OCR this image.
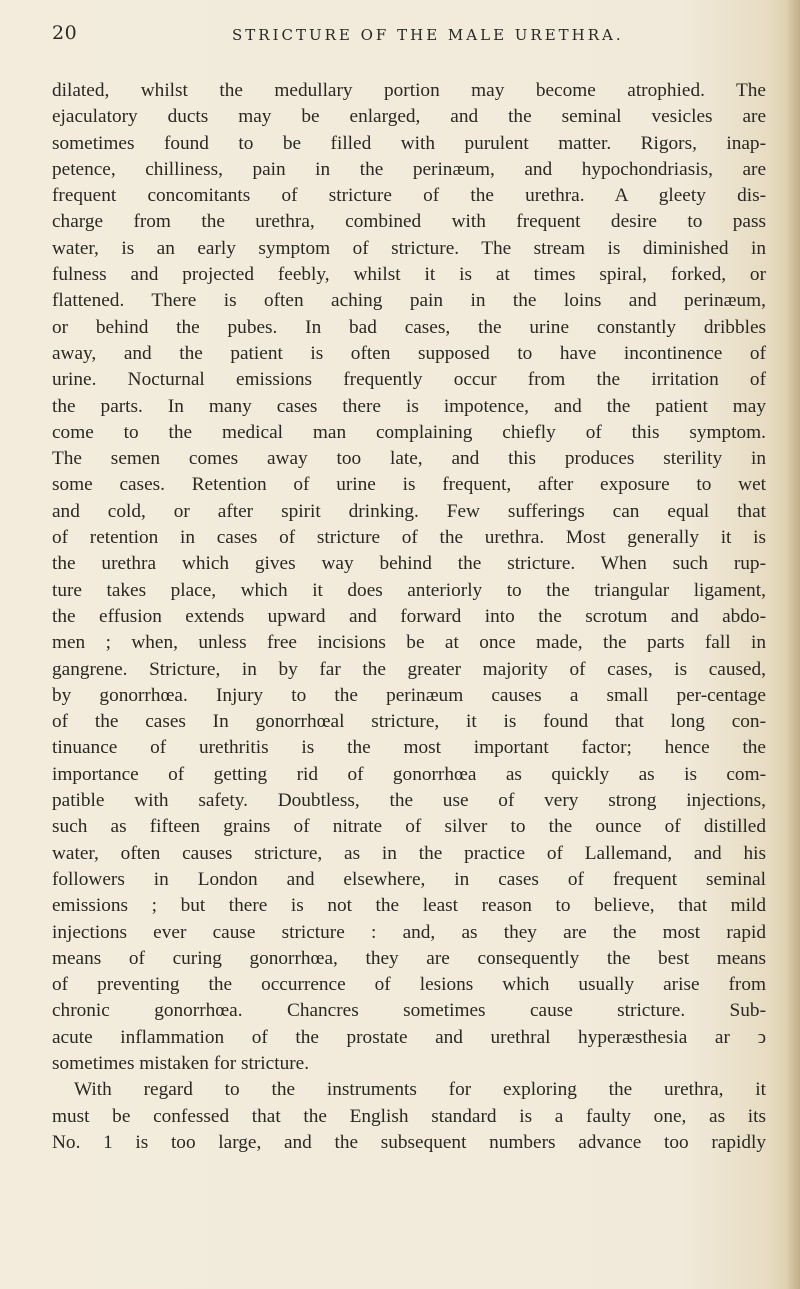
20	STRICTURE OF THE MALE URETHRA.
dilated, whilst the medullary portion may become atrophied. The
ejaculatory ducts may be enlarged, and the seminal vesicles are
sometimes found to be filled with purulent matter. Rigors, inap-
petence, chilliness, pain in the perinæum, and hypochondriasis, are
frequent concomitants of stricture of the urethra. A gleety dis-
charge from the urethra, combined with frequent desire to pass
water, is an early symptom of stricture. The stream is diminished in
fulness and projected feebly, whilst it is at times spiral, forked, or
flattened. There is often aching pain in the loins and perinæum,
or behind the pubes. In bad cases, the urine constantly dribbles
away, and the patient is often supposed to have incontinence of
urine. Nocturnal emissions frequently occur from the irritation of
the parts. In many cases there is impotence, and the patient may
come to the medical man complaining chiefly of this symptom.
The semen comes away too late, and this produces sterility in
some cases. Retention of urine is frequent, after exposure to wet
and cold, or after spirit drinking. Few sufferings can equal that
of retention in cases of stricture of the urethra. Most generally it is
the urethra which gives way behind the stricture. When such rup-
ture takes place, which it does anteriorly to the triangular ligament,
the effusion extends upward and forward into the scrotum and abdo-
men ; when, unless free incisions be at once made, the parts fall in
gangrene. Stricture, in by far the greater majority of cases, is caused,
by gonorrhœa. Injury to the perinæum causes a small per-centage
of the cases In gonorrhœal stricture, it is found that long con-
tinuance of urethritis is the most important factor; hence the
importance of getting rid of gonorrhœa as quickly as is com-
patible with safety. Doubtless, the use of very strong injections,
such as fifteen grains of nitrate of silver to the ounce of distilled
water, often causes stricture, as in the practice of Lallemand, and his
followers in London and elsewhere, in cases of frequent seminal
emissions ; but there is not the least reason to believe, that mild
injections ever cause stricture : and, as they are the most rapid
means of curing gonorrhœa, they are consequently the best means
of preventing the occurrence of lesions which usually arise from
chronic gonorrhœa. Chancres sometimes cause stricture. Sub-
acute inflammation of the prostate and urethral hyperæsthesia ar ͻ
sometimes mistaken for stricture.
With regard to the instruments for exploring the urethra, it
must be confessed that the English standard is a faulty one, as its
No. 1 is too large, and the subsequent numbers advance too rapidly
